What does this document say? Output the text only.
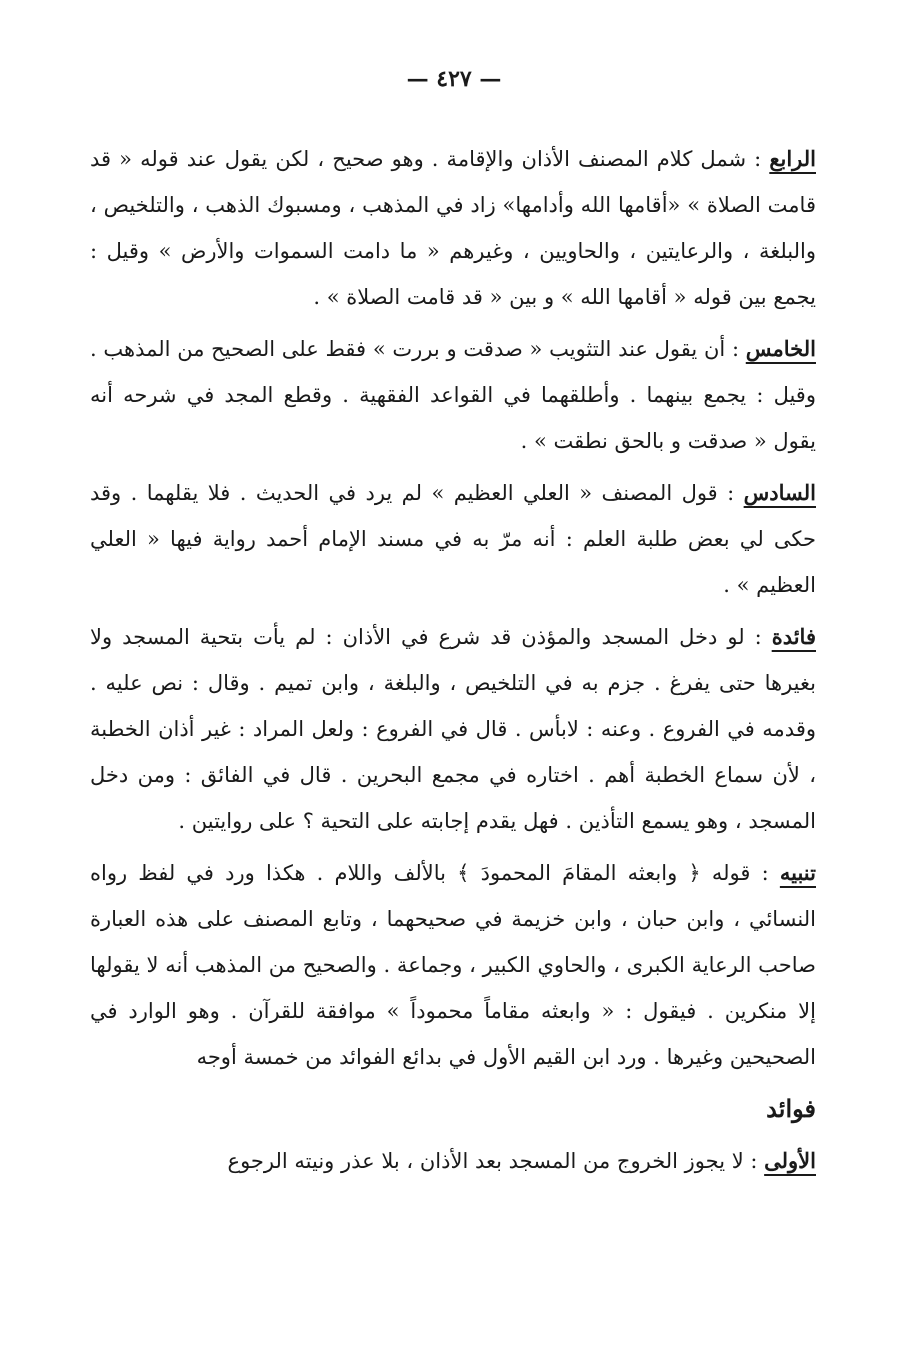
— ٤٢٧ —

الرابع : شمل كلام المصنف الأذان والإقامة . وهو صحيح ، لكن يقول عند قوله « قد قامت الصلاة » «أقامها الله وأدامها» زاد في المذهب ، ومسبوك الذهب ، والتلخيص ، والبلغة ، والرعايتين ، والحاويين ، وغيرهم « ما دامت السموات والأرض » وقيل : يجمع بين قوله « أقامها الله » و بين « قد قامت الصلاة » .

الخامس : أن يقول عند التثويب « صدقت و بررت » فقط على الصحيح من المذهب . وقيل : يجمع بينهما . وأطلقهما في القواعد الفقهية . وقطع المجد في شرحه أنه يقول « صدقت و بالحق نطقت » .

السادس : قول المصنف « العلي العظيم » لم يرد في الحديث . فلا يقلهما . وقد حكى لي بعض طلبة العلم : أنه مرّ به في مسند الإمام أحمد رواية فيها « العلي العظيم » .

فائدة : لو دخل المسجد والمؤذن قد شرع في الأذان : لم يأت بتحية المسجد ولا بغيرها حتى يفرغ . جزم به في التلخيص ، والبلغة ، وابن تميم . وقال : نص عليه . وقدمه في الفروع . وعنه : لابأس . قال في الفروع : ولعل المراد : غير أذان الخطبة ، لأن سماع الخطبة أهم . اختاره في مجمع البحرين . قال في الفائق : ومن دخل المسجد ، وهو يسمع التأذين . فهل يقدم إجابته على التحية ؟ على روايتين .

تنبيه : قوله ﴿ وابعثه المقامَ المحمودَ ﴾ بالألف واللام . هكذا ورد في لفظ رواه النسائي ، وابن حبان ، وابن خزيمة في صحيحهما ، وتابع المصنف على هذه العبارة صاحب الرعاية الكبرى ، والحاوي الكبير ، وجماعة . والصحيح من المذهب أنه لا يقولها إلا منكرين . فيقول : « وابعثه مقاماً محموداً » موافقة للقرآن . وهو الوارد في الصحيحين وغيرها . ورد ابن القيم الأول في بدائع الفوائد من خمسة أوجه

فوائد

الأولى : لا يجوز الخروج من المسجد بعد الأذان ، بلا عذر ونيته الرجوع
